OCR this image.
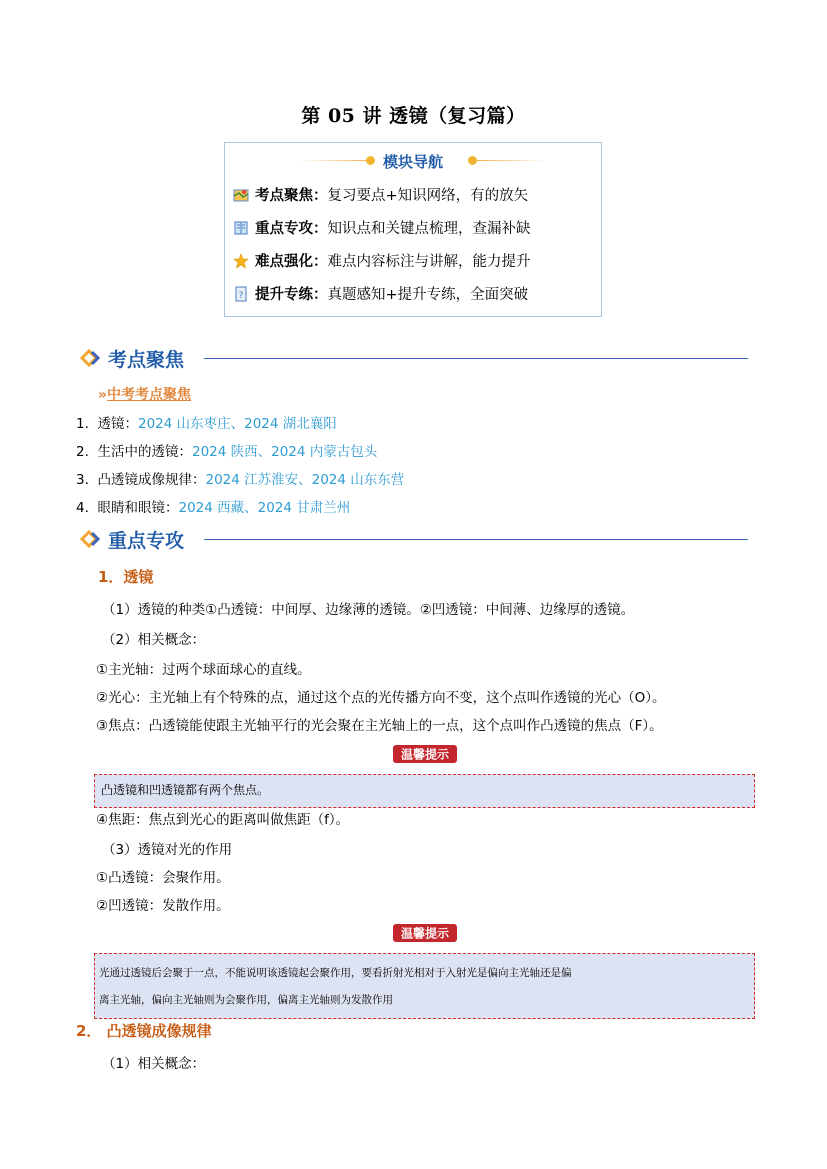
第 05 讲 透镜（复习篇）
模块导航
考点聚焦：复习要点+知识网络，有的放矢
重点专攻：知识点和关键点梳理，查漏补缺
难点强化：难点内容标注与讲解，能力提升
? 提升专练：真题感知+提升专练，全面突破
考点聚焦
»中考考点聚焦
1. 透镜：2024 山东枣庄、2024 湖北襄阳
2. 生活中的透镜：2024 陕西、2024 内蒙古包头
3. 凸透镜成像规律：2024 江苏淮安、2024 山东东营
4. 眼睛和眼镜：2024 西藏、2024 甘肃兰州
重点专攻
1．透镜
（1）透镜的种类①凸透镜：中间厚、边缘薄的透镜。②凹透镜：中间薄、边缘厚的透镜。
（2）相关概念：
①主光轴：过两个球面球心的直线。
②光心：主光轴上有个特殊的点，通过这个点的光传播方向不变，这个点叫作透镜的光心（O）。
③焦点：凸透镜能使跟主光轴平行的光会聚在主光轴上的一点，这个点叫作凸透镜的焦点（F）。
温馨提示
凸透镜和凹透镜都有两个焦点。
④焦距：焦点到光心的距离叫做焦距（f）。
（3）透镜对光的作用
①凸透镜：会聚作用。
②凹透镜：发散作用。
温馨提示
光通过透镜后会聚于一点，不能说明该透镜起会聚作用，要看折射光相对于入射光是偏向主光轴还是偏
离主光轴，偏向主光轴则为会聚作用，偏离主光轴则为发散作用
2． 凸透镜成像规律
（1）相关概念：
